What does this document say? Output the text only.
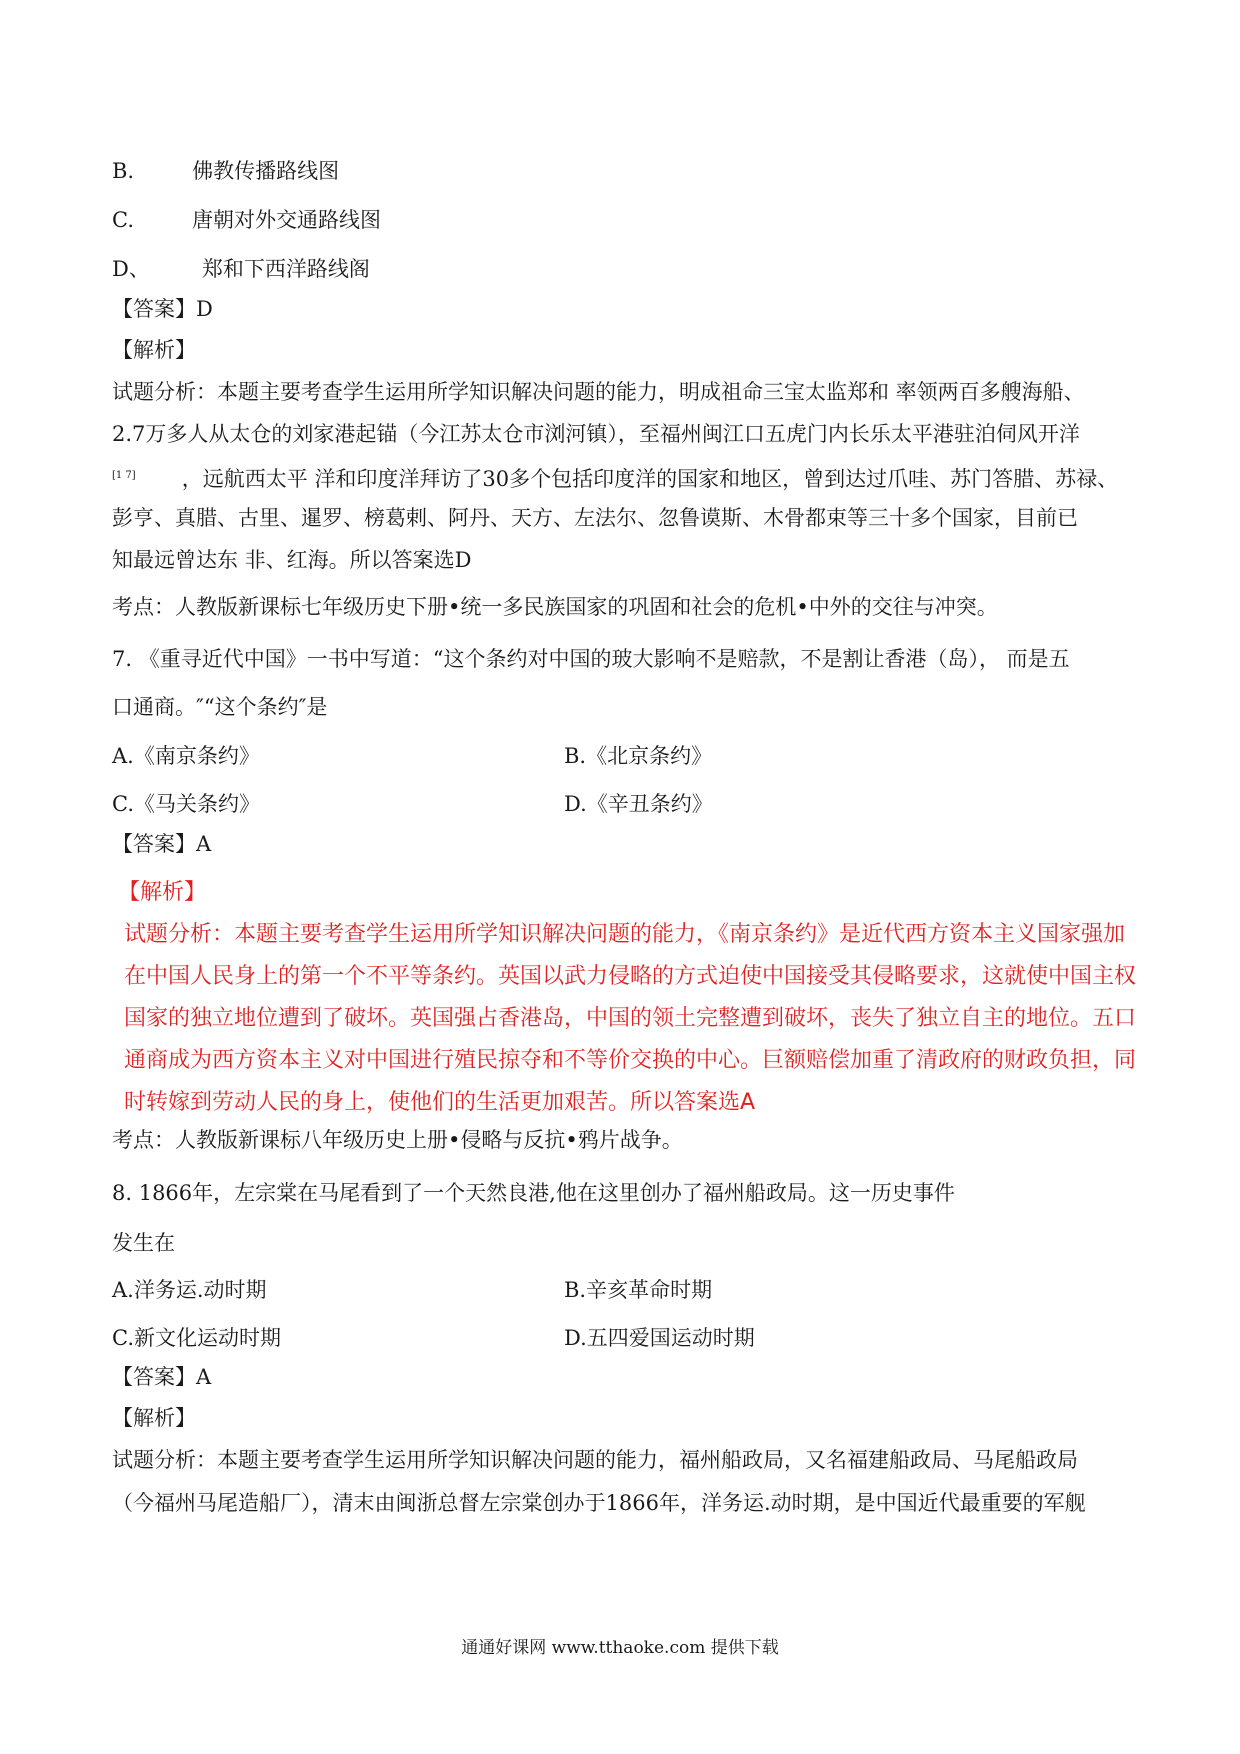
B.	佛教传播路线图
C.	唐朝对外交通路线图
D、 郑和下西洋路线阁
【答案】D
【解析】
试题分析：本题主要考查学生运用所学知识解决问题的能力，明成祖命三宝太监郑和 率领两百多艘海船、
2.7万多人从太仓的刘家港起锚（今江苏太仓市浏河镇），至福州闽江口五虎门内长乐太平港驻泊伺风开洋
[1 7] ，远航西太平 洋和印度洋拜访了30多个包括印度洋的国家和地区，曾到达过爪哇、苏门答腊、苏禄、
彭亨、真腊、古里、暹罗、榜葛剌、阿丹、天方、左法尔、忽鲁谟斯、木骨都束等三十多个国家，目前已
知最远曾达东 非、红海。所以答案选D
考点：人教版新课标七年级历史下册•统一多民族国家的巩固和社会的危机•中外的交往与冲突。
7. 《重寻近代中国》一书中写道：“这个条约对中国的玻大影响不是赔款，不是割让香港（岛）， 而是五
口通商。″“这个条约″是
A.《南京条约》	B.《北京条约》
C.《马关条约》	D.《辛丑条约》
【答案】A
【解析】
试题分析：本题主要考查学生运用所学知识解决问题的能力，《南京条约》是近代西方资本主义国家强加
在中国人民身上的第一个不平等条约。英国以武力侵略的方式迫使中国接受其侵略要求，这就使中国主权
国家的独立地位遭到了破坏。英国强占香港岛，中国的领土完整遭到破坏，丧失了独立自主的地位。五口
通商成为西方资本主义对中国进行殖民掠夺和不等价交换的中心。巨额赔偿加重了清政府的财政负担，同
时转嫁到劳动人民的身上，使他们的生活更加艰苦。所以答案选A
考点：人教版新课标八年级历史上册•侵略与反抗•鸦片战争。
8. 1866年，左宗棠在马尾看到了一个天然良港,他在这里创办了福州船政局。这一历史事件
发生在
A.洋务运.动时期	B.辛亥革命时期
C.新文化运动时期	D.五四爱国运动时期
【答案】A
【解析】
试题分析：本题主要考查学生运用所学知识解决问题的能力，福州船政局，又名福建船政局、马尾船政局
（今福州马尾造船厂），清末由闽浙总督左宗棠创办于1866年，洋务运.动时期，是中国近代最重要的军舰
通通好课网 www.tthaoke.com 提供下载
